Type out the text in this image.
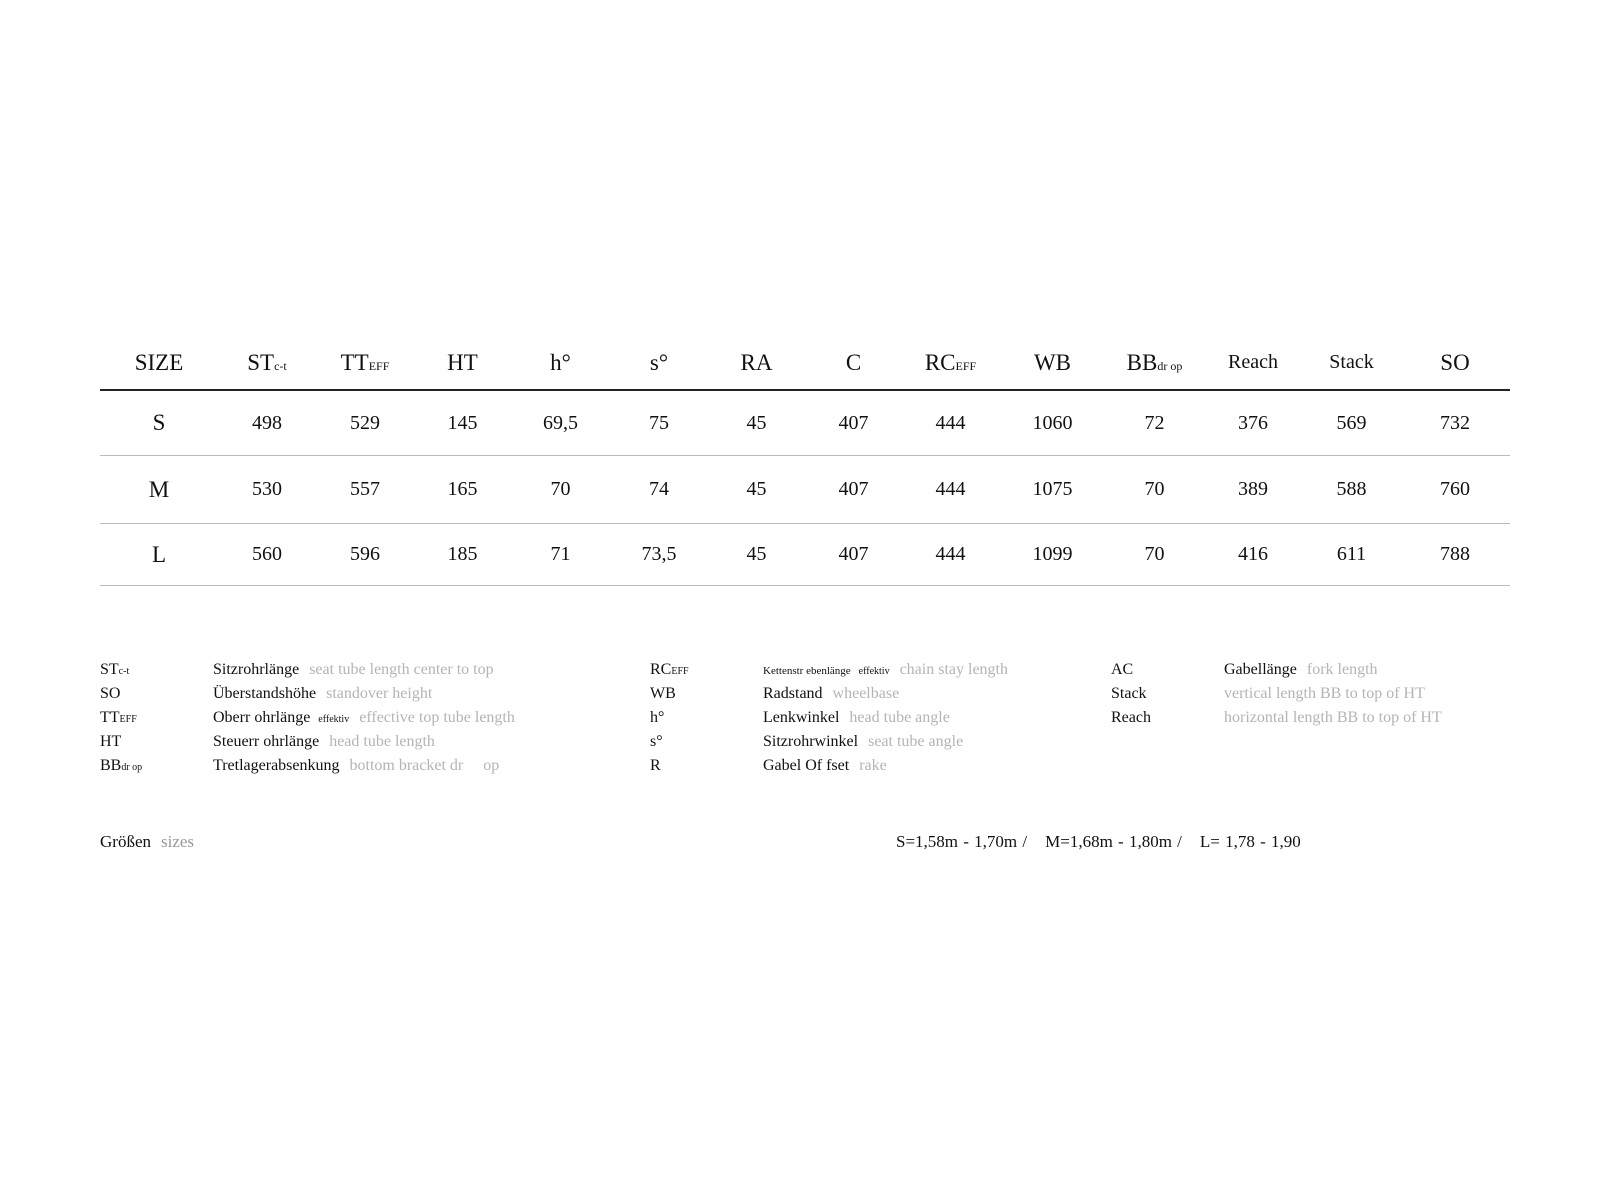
SIZE	STc-t	TTEFF	HT	h°	s°	RA	C	RCEFF	WB	BBdr op	Reach	Stack	SO
S	498	529	145	69,5	75	45	407	444	1060	72	376	569	732
M	530	557	165	70	74	45	407	444	1075	70	389	588	760
L	560	596	185	71	73,5	45	407	444	1099	70	416	611	788
STc-t	Sitzrohrlänge seat tube length center to top
SO	Überstandshöhe standover height
TTEFF	Oberr ohrlänge effektiv effective top tube length
HT	Steuerr ohrlänge head tube length
BBdr op	Tretlagerabsenkung bottom bracket dr     op
RCEFF	Kettenstr ebenlänge effektiv chain stay length
WB	Radstand wheelbase
h°	Lenkwinkel head tube angle
s°	Sitzrohrwinkel seat tube angle
R	Gabel Of fset rake
AC	Gabellänge fork length
Stack	vertical length BB to top of HT
Reach	horizontal length BB to top of HT
Größen sizes	S=1,58m - 1,70m / M=1,68m - 1,80m / L= 1,78 - 1,90
